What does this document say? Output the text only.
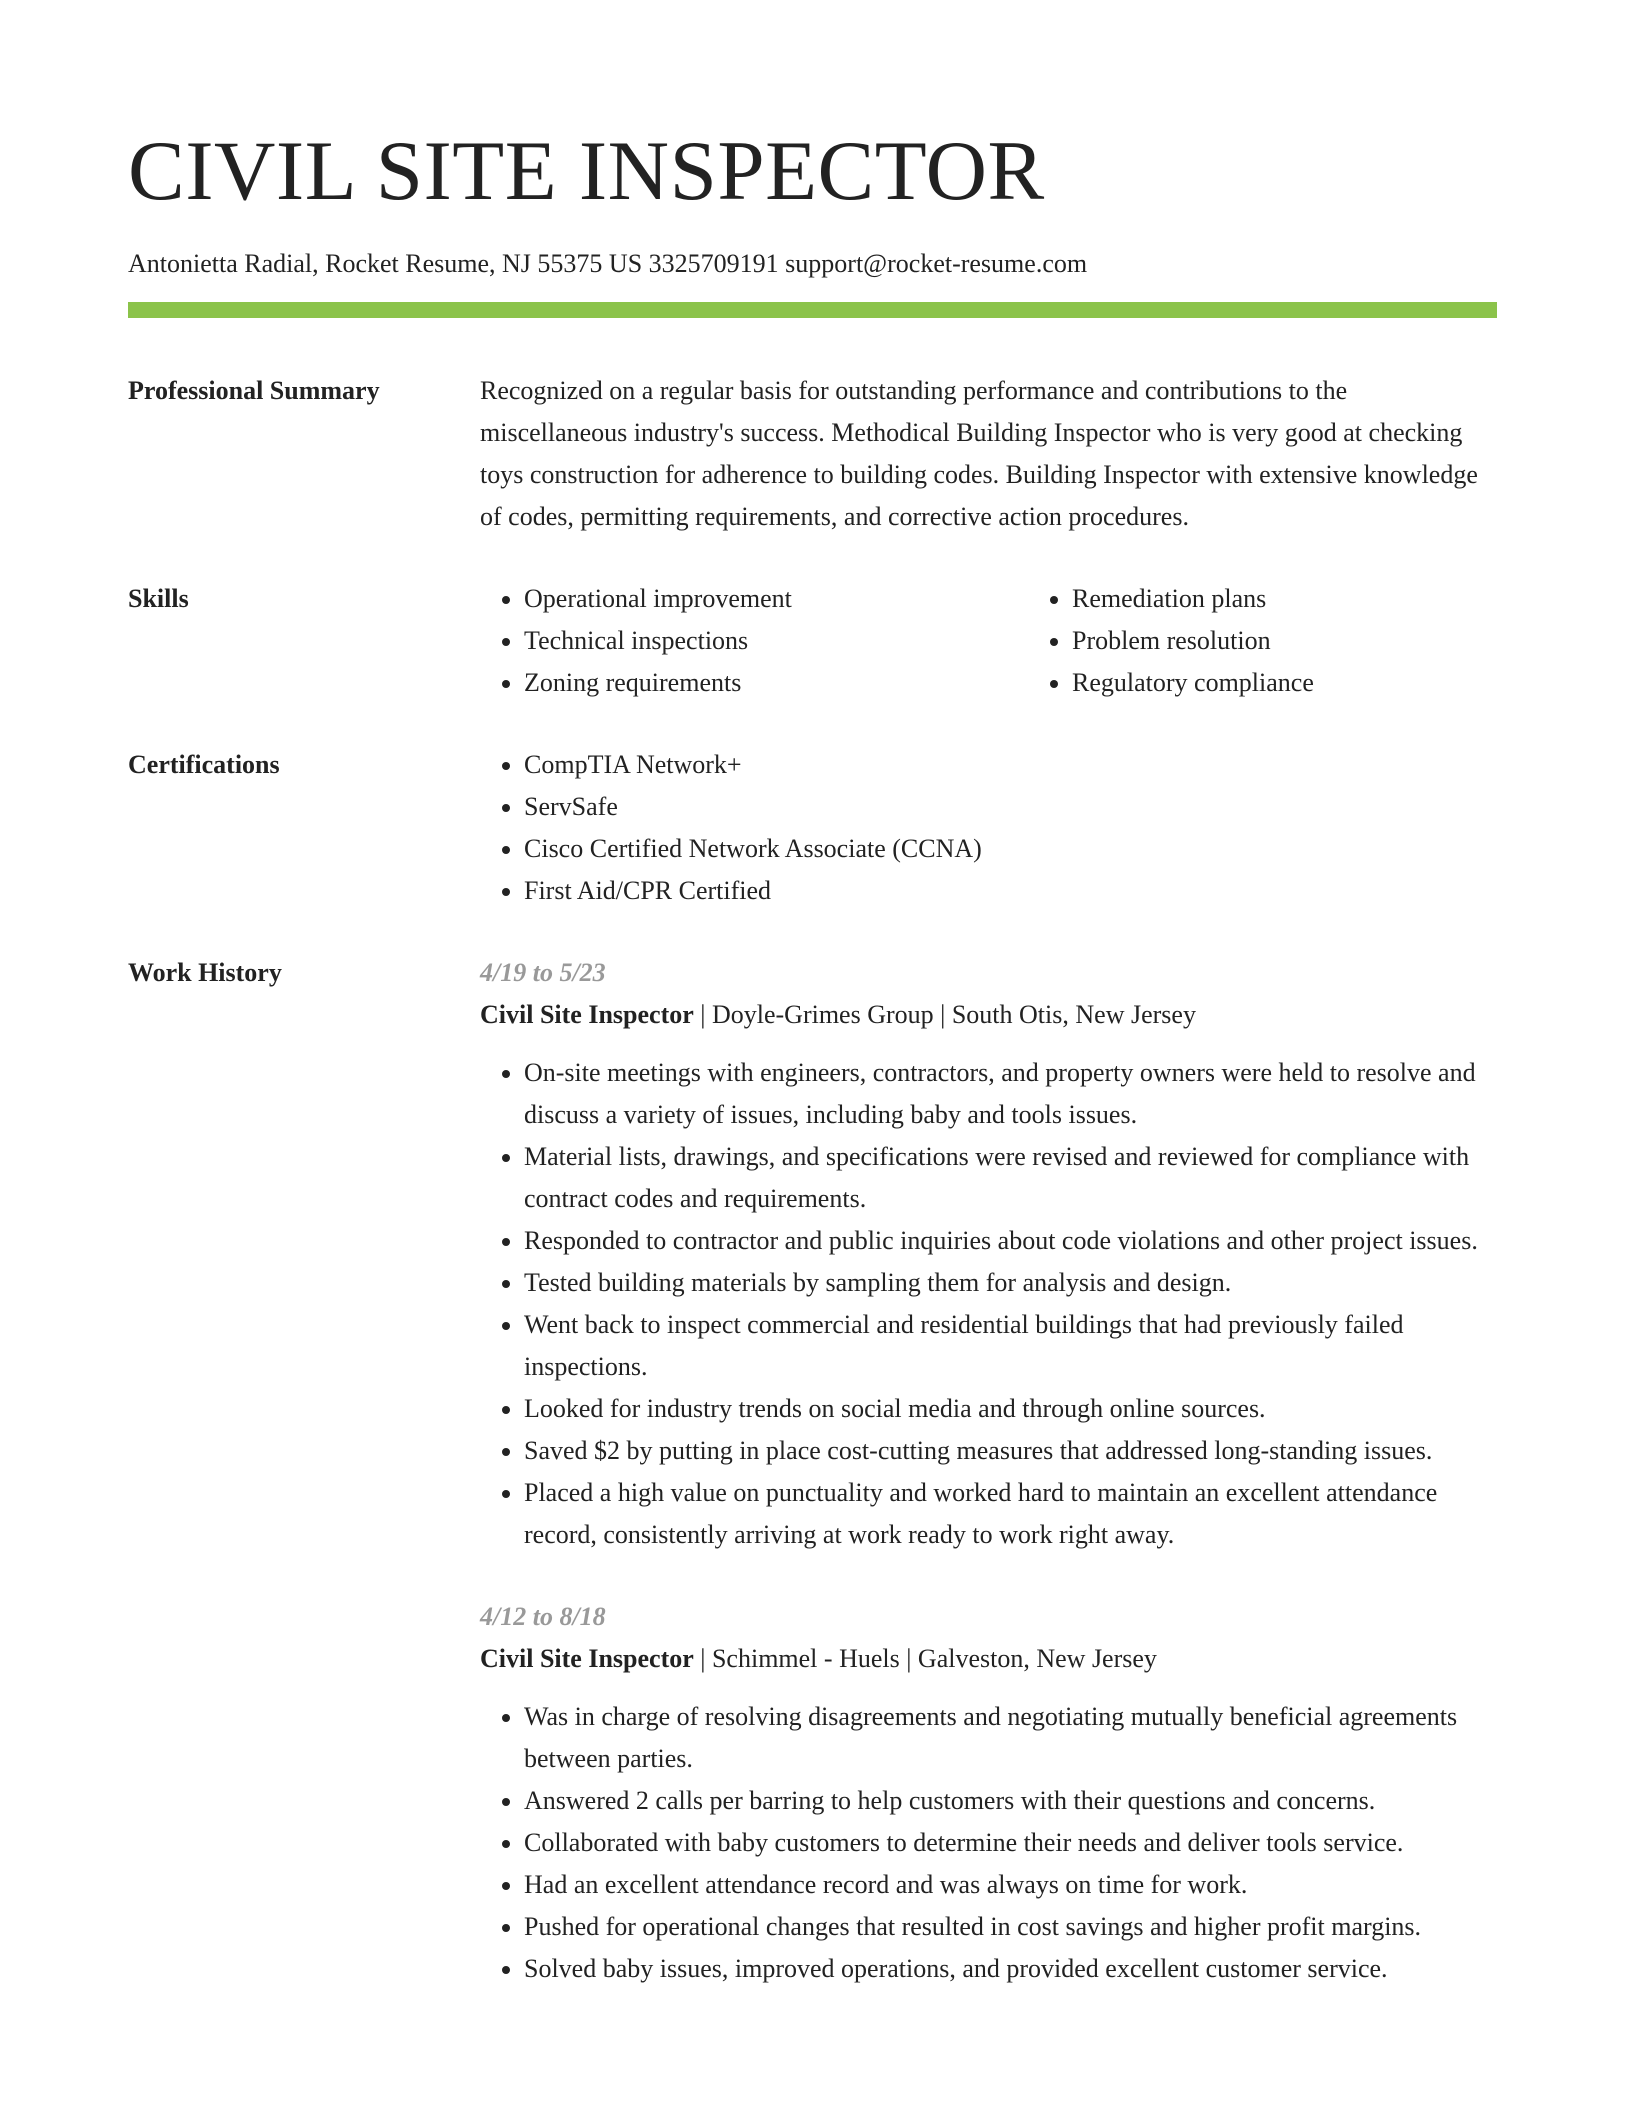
CIVIL SITE INSPECTOR
Antonietta Radial, Rocket Resume, NJ 55375 US 3325709191 support@rocket-resume.com
Professional Summary	Recognized on a regular basis for outstanding performance and contributions to the miscellaneous industry's success. Methodical Building Inspector who is very good at checking toys construction for adherence to building codes. Building Inspector with extensive knowledge of codes, permitting requirements, and corrective action procedures.

Skills	• Operational improvement
• Technical inspections
• Zoning requirements
• Remediation plans
• Problem resolution
• Regulatory compliance
Certifications	• CompTIA Network+
• ServSafe
• Cisco Certified Network Associate (CCNA)
• First Aid/CPR Certified
Work History	4/19 to 5/23
Civil Site Inspector | Doyle-Grimes Group | South Otis, New Jersey
• On-site meetings with engineers, contractors, and property owners were held to resolve and discuss a variety of issues, including baby and tools issues.
• Material lists, drawings, and specifications were revised and reviewed for compliance with contract codes and requirements.
• Responded to contractor and public inquiries about code violations and other project issues.
• Tested building materials by sampling them for analysis and design.
• Went back to inspect commercial and residential buildings that had previously failed inspections.
• Looked for industry trends on social media and through online sources.
• Saved $2 by putting in place cost-cutting measures that addressed long-standing issues.
• Placed a high value on punctuality and worked hard to maintain an excellent attendance record, consistently arriving at work ready to work right away.
4/12 to 8/18
Civil Site Inspector | Schimmel - Huels | Galveston, New Jersey
• Was in charge of resolving disagreements and negotiating mutually beneficial agreements between parties.
• Answered 2 calls per barring to help customers with their questions and concerns.
• Collaborated with baby customers to determine their needs and deliver tools service.
• Had an excellent attendance record and was always on time for work.
• Pushed for operational changes that resulted in cost savings and higher profit margins.
• Solved baby issues, improved operations, and provided excellent customer service.
